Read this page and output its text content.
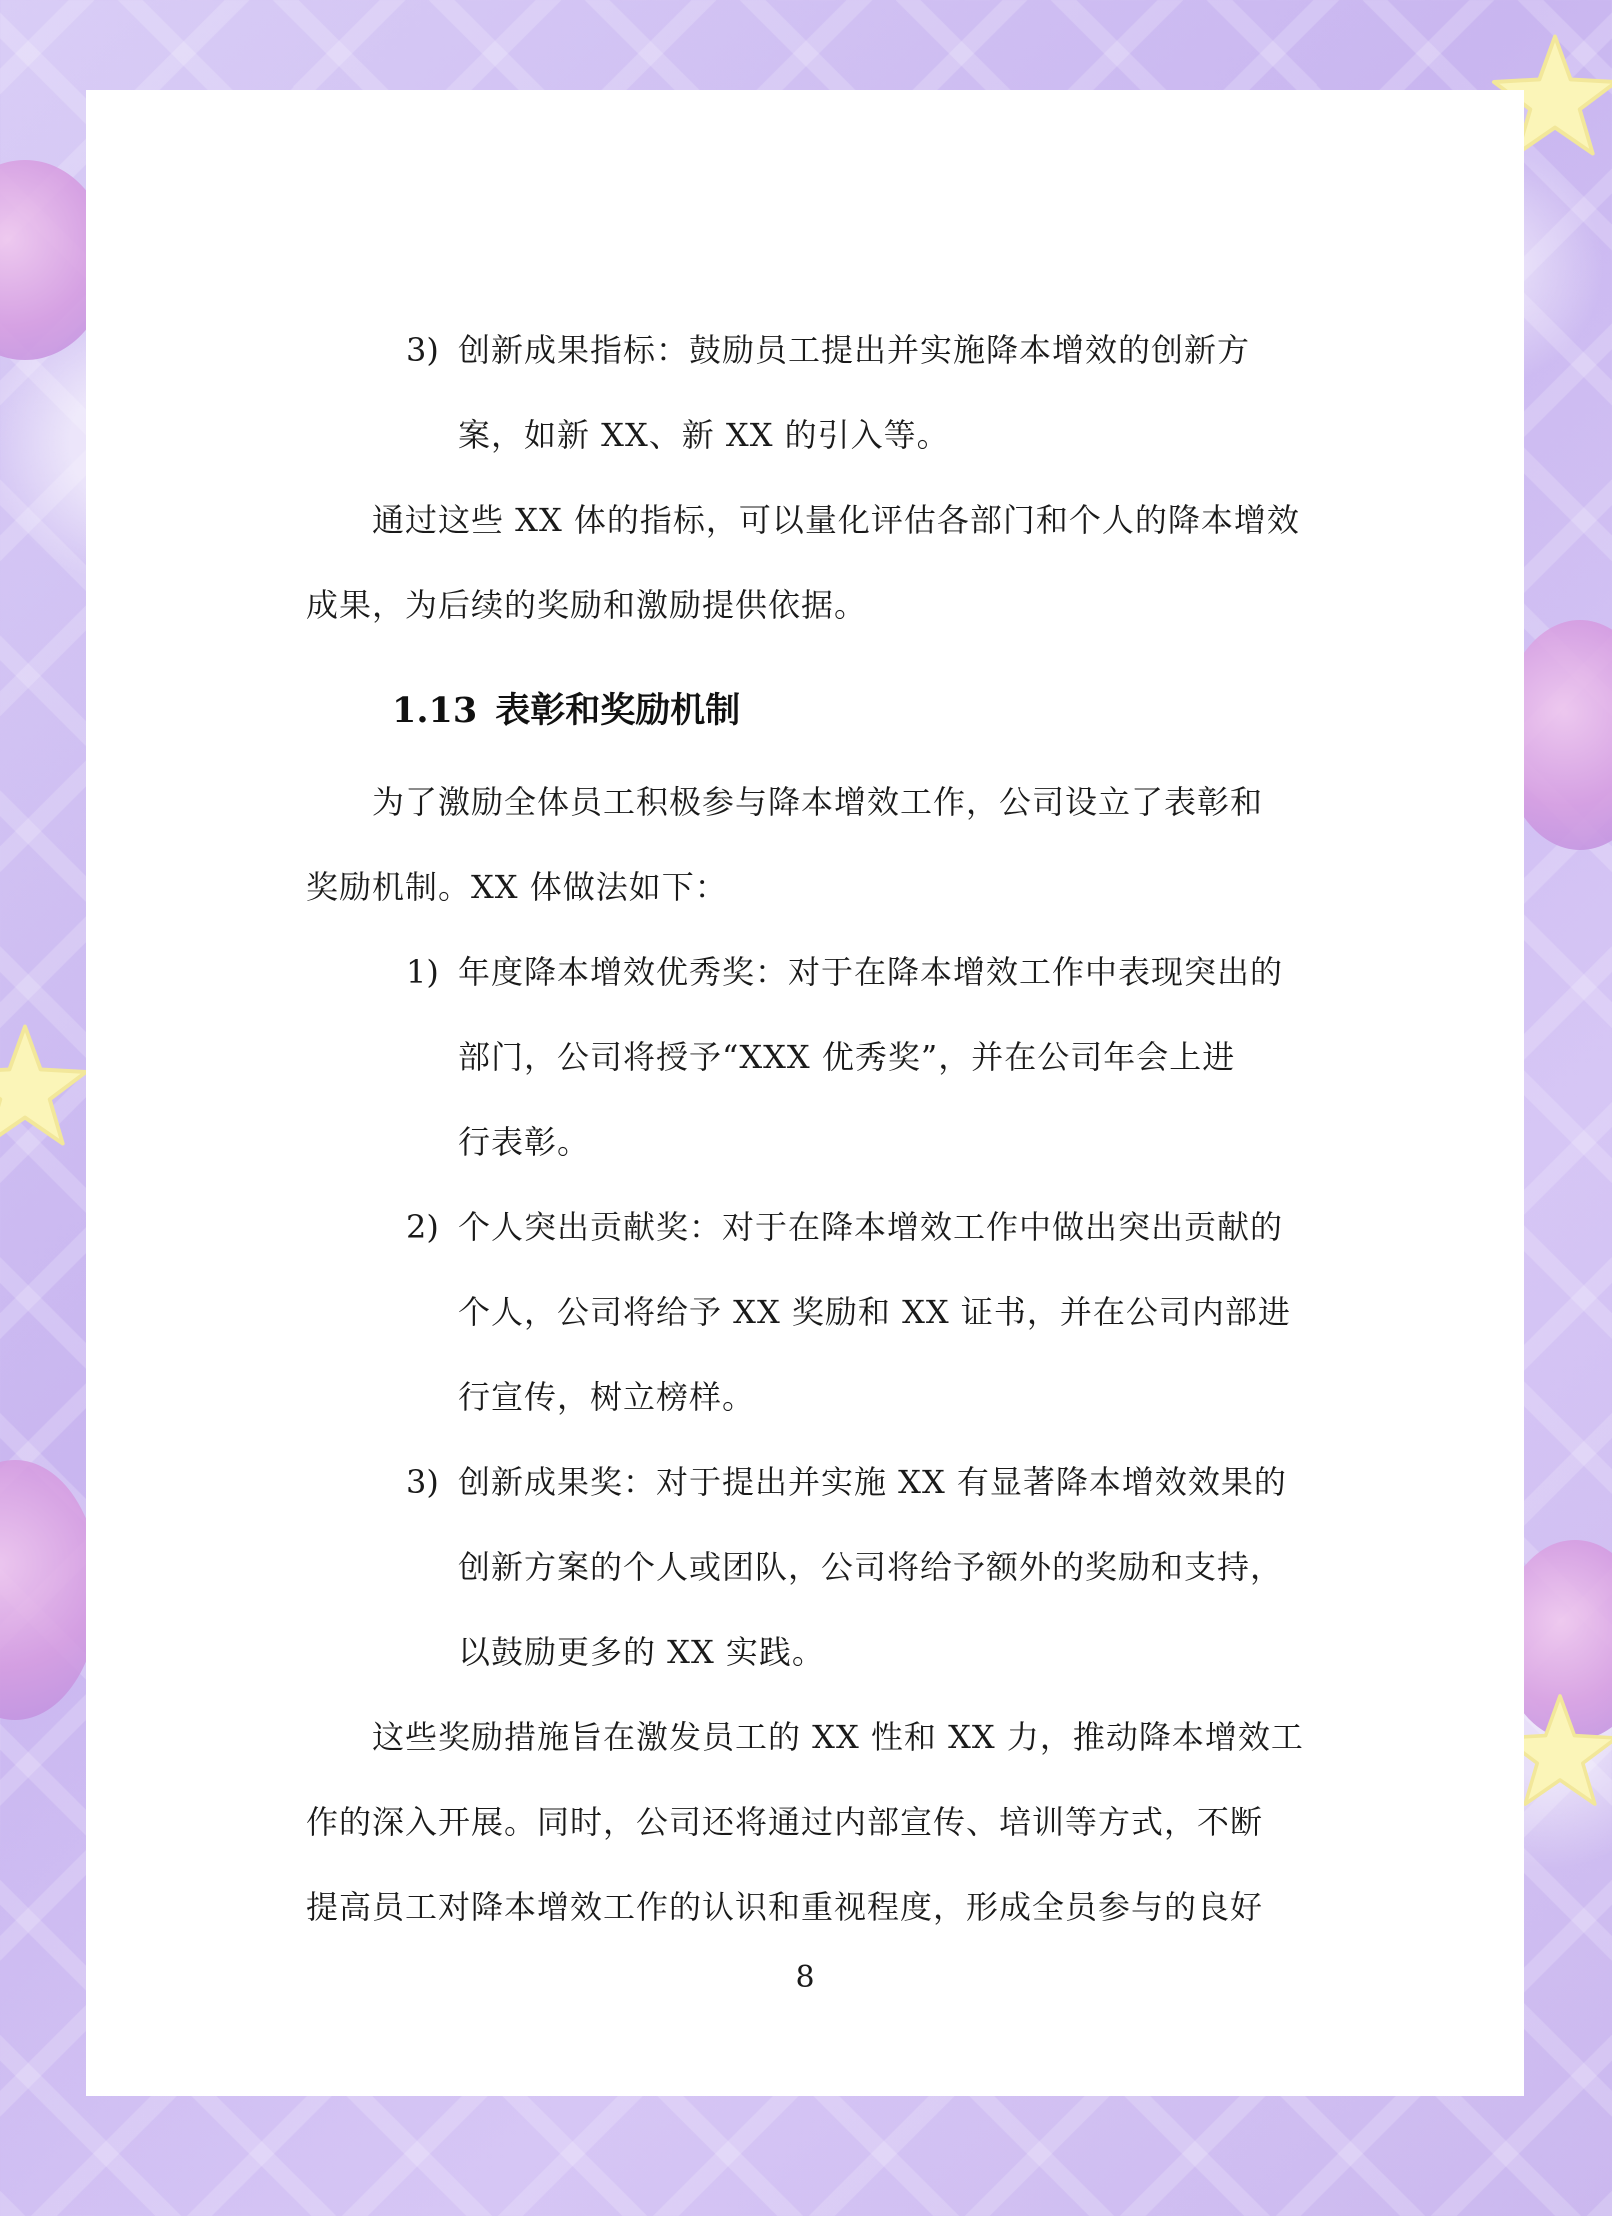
3) 创新成果指标：鼓励员工提出并实施降本增效的创新方
案，如新 XX、新 XX 的引入等。
通过这些 XX 体的指标，可以量化评估各部门和个人的降本增效
成果，为后续的奖励和激励提供依据。
1.13 表彰和奖励机制
为了激励全体员工积极参与降本增效工作，公司设立了表彰和
奖励机制。XX 体做法如下：
1) 年度降本增效优秀奖：对于在降本增效工作中表现突出的
部门，公司将授予“XXX 优秀奖”，并在公司年会上进
行表彰。
2) 个人突出贡献奖：对于在降本增效工作中做出突出贡献的
个人，公司将给予 XX 奖励和 XX 证书，并在公司内部进
行宣传，树立榜样。
3) 创新成果奖：对于提出并实施 XX 有显著降本增效效果的
创新方案的个人或团队，公司将给予额外的奖励和支持，
以鼓励更多的 XX 实践。
这些奖励措施旨在激发员工的 XX 性和 XX 力，推动降本增效工
作的深入开展。同时，公司还将通过内部宣传、培训等方式，不断
提高员工对降本增效工作的认识和重视程度，形成全员参与的良好
8
